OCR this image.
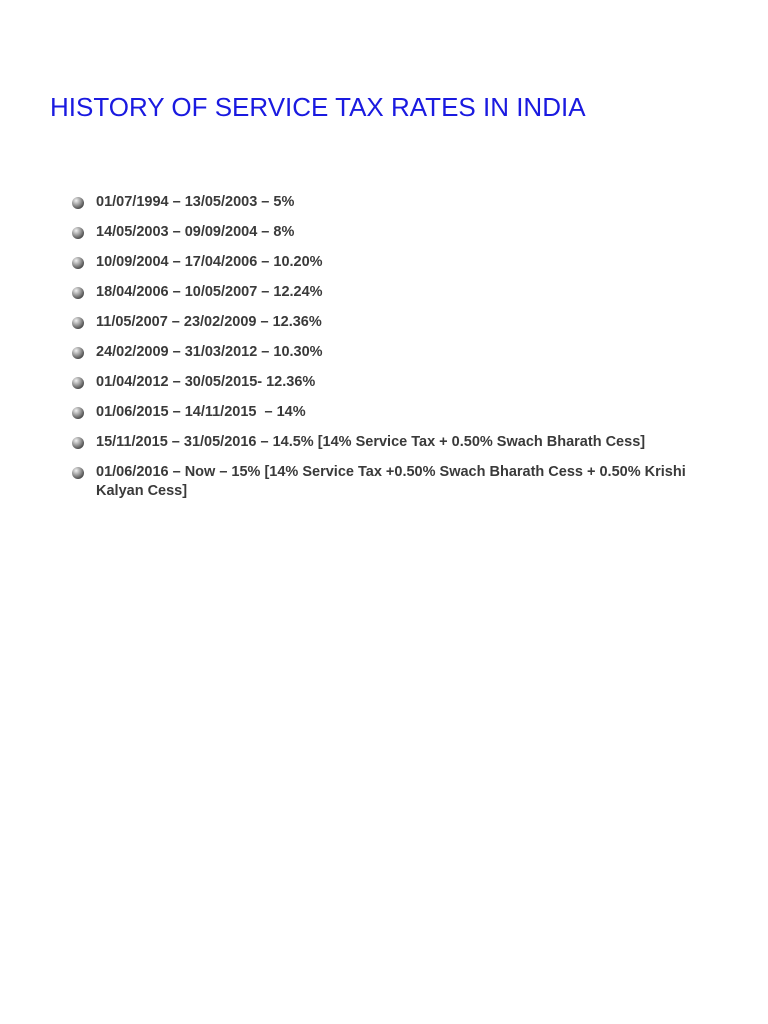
HISTORY OF SERVICE TAX RATES IN INDIA
01/07/1994 – 13/05/2003 – 5%
14/05/2003 – 09/09/2004 – 8%
10/09/2004 – 17/04/2006 – 10.20%
18/04/2006 – 10/05/2007 – 12.24%
11/05/2007 – 23/02/2009 – 12.36%
24/02/2009 – 31/03/2012 – 10.30%
01/04/2012 – 30/05/2015- 12.36%
01/06/2015 – 14/11/2015  – 14%
15/11/2015 – 31/05/2016 – 14.5% [14% Service Tax + 0.50% Swach Bharath Cess]
01/06/2016 – Now – 15% [14% Service Tax +0.50% Swach Bharath Cess + 0.50% Krishi Kalyan Cess]
